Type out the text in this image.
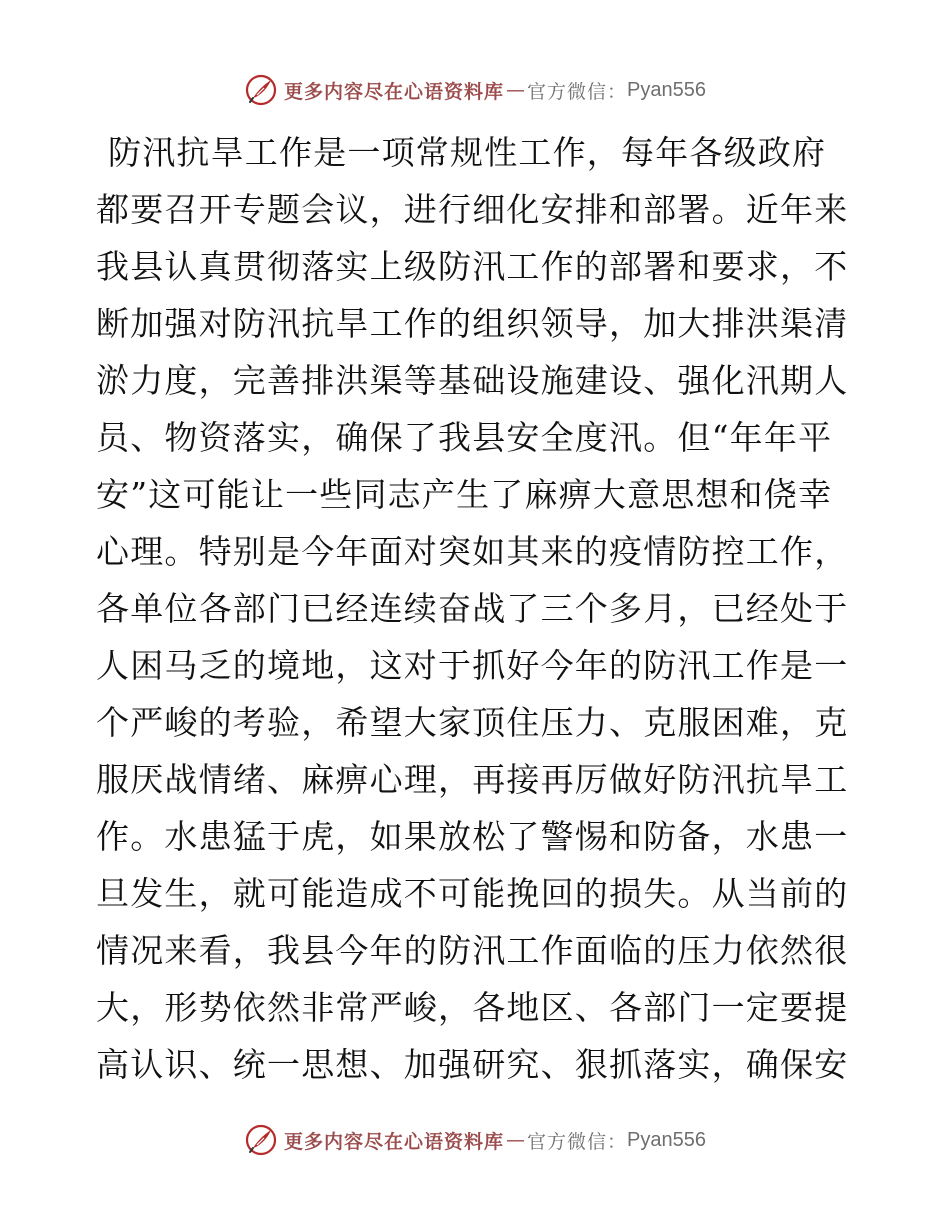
更多内容尽在心语资料库 — 官方微信： Pyan556
防汛抗旱工作是一项常规性工作，每年各级政府
都要召开专题会议，进行细化安排和部署。近年来
我县认真贯彻落实上级防汛工作的部署和要求，不
断加强对防汛抗旱工作的组织领导，加大排洪渠清
淤力度，完善排洪渠等基础设施建设、强化汛期人
员、物资落实，确保了我县安全度汛。但“年年平
安”这可能让一些同志产生了麻痹大意思想和侥幸
心理。特别是今年面对突如其来的疫情防控工作，
各单位各部门已经连续奋战了三个多月，已经处于
人困马乏的境地，这对于抓好今年的防汛工作是一
个严峻的考验，希望大家顶住压力、克服困难，克
服厌战情绪、麻痹心理，再接再厉做好防汛抗旱工
作。水患猛于虎，如果放松了警惕和防备，水患一
旦发生，就可能造成不可能挽回的损失。从当前的
情况来看，我县今年的防汛工作面临的压力依然很
大，形势依然非常严峻，各地区、各部门一定要提
高认识、统一思想、加强研究、狠抓落实，确保安
更多内容尽在心语资料库 — 官方微信： Pyan556
